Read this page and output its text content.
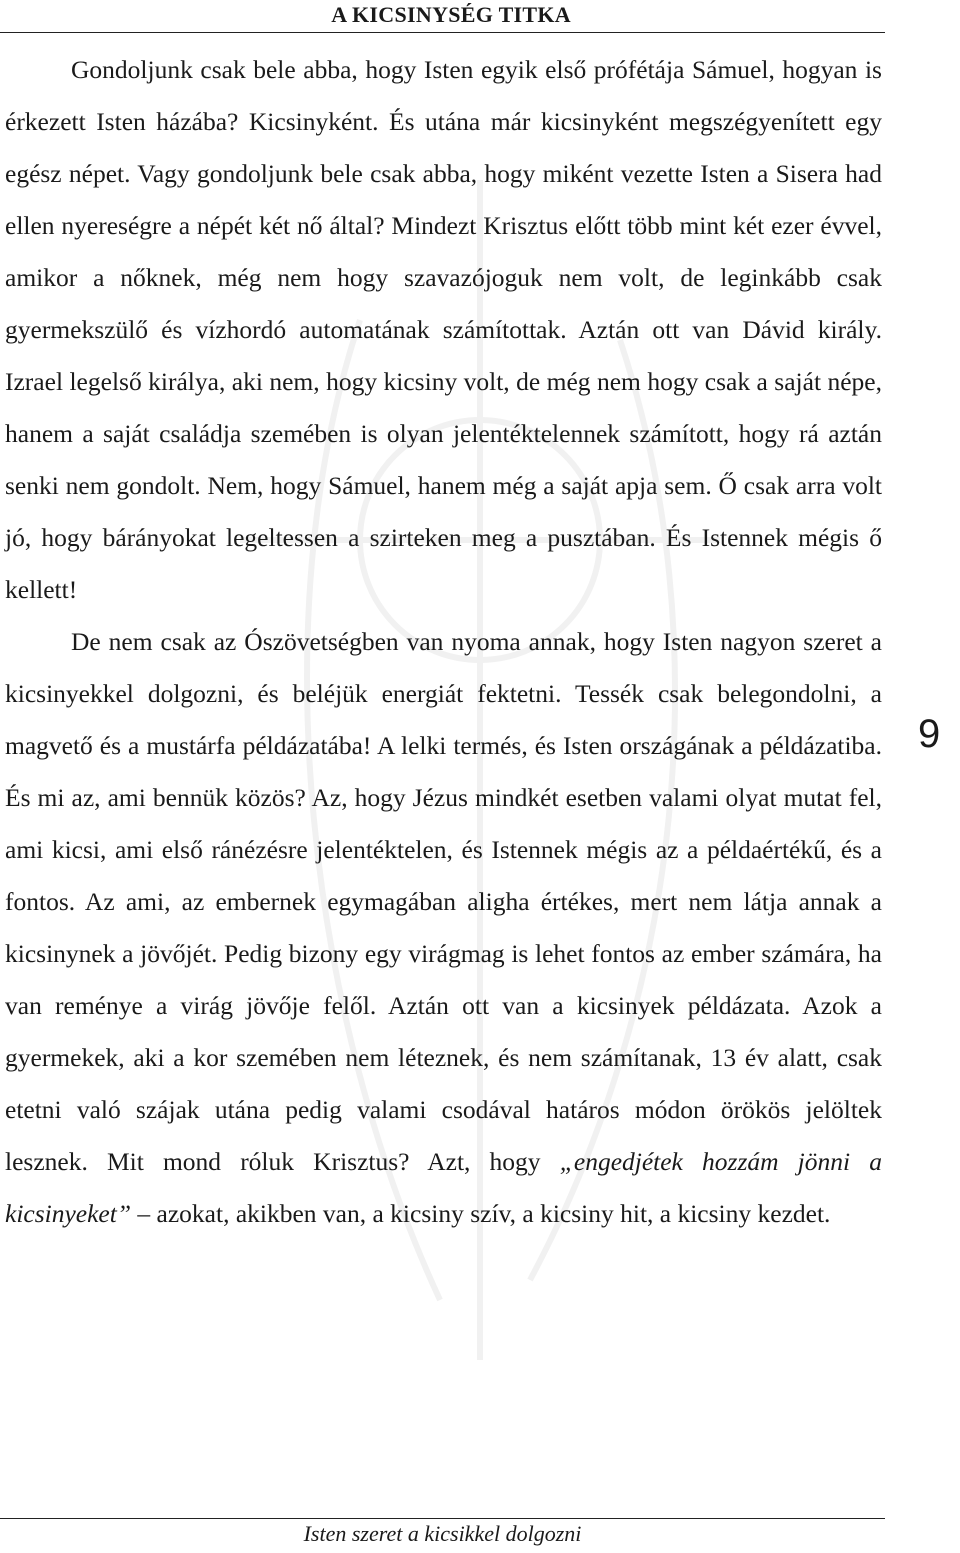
A KICSINYSÉG TITKA

Gondoljunk csak bele abba, hogy Isten egyik első prófétája Sámuel, hogyan is érkezett Isten házába? Kicsinyként. És utána már kicsinyként megszégyenített egy egész népet. Vagy gondoljunk bele csak abba, hogy miként vezette Isten a Sisera had ellen nyereségre a népét két nő által? Mindezt Krisztus előtt több mint két ezer évvel, amikor a nőknek, még nem hogy szavazójoguk nem volt, de leginkább csak gyermekszülő és vízhordó automatának számítottak. Aztán ott van Dávid király. Izrael legelső királya, aki nem, hogy kicsiny volt, de még nem hogy csak a saját népe, hanem a saját családja szemében is olyan jelentéktelennek számított, hogy rá aztán senki nem gondolt. Nem, hogy Sámuel, hanem még a saját apja sem. Ő csak arra volt jó, hogy bárányokat legeltessen a szirteken meg a pusztában. És Istennek mégis ő kellett!

De nem csak az Ószövetségben van nyoma annak, hogy Isten nagyon szeret a kicsinyekkel dolgozni, és beléjük energiát fektetni. Tessék csak belegondolni, a magvető és a mustárfa példázatába! A lelki termés, és Isten országának a példázatiba. És mi az, ami bennük közös? Az, hogy Jézus mindkét esetben valami olyat mutat fel, ami kicsi, ami első ránézésre jelentéktelen, és Istennek mégis az a példaértékű, és a fontos. Az ami, az embernek egymagában aligha értékes, mert nem látja annak a kicsinynek a jövőjét. Pedig bizony egy virágmag is lehet fontos az ember számára, ha van reménye a virág jövője felől. Aztán ott van a kicsinyek példázata. Azok a gyermekek, aki a kor szemében nem léteznek, és nem számítanak, 13 év alatt, csak etetni való szájak utána pedig valami csodával határos módon örökös jelöltek lesznek. Mit mond róluk Krisztus? Azt, hogy „engedjétek hozzám jönni a kicsinyeket” – azokat, akikben van, a kicsiny szív, a kicsiny hit, a kicsiny kezdet.

9
Isten szeret a kicsikkel dolgozni
